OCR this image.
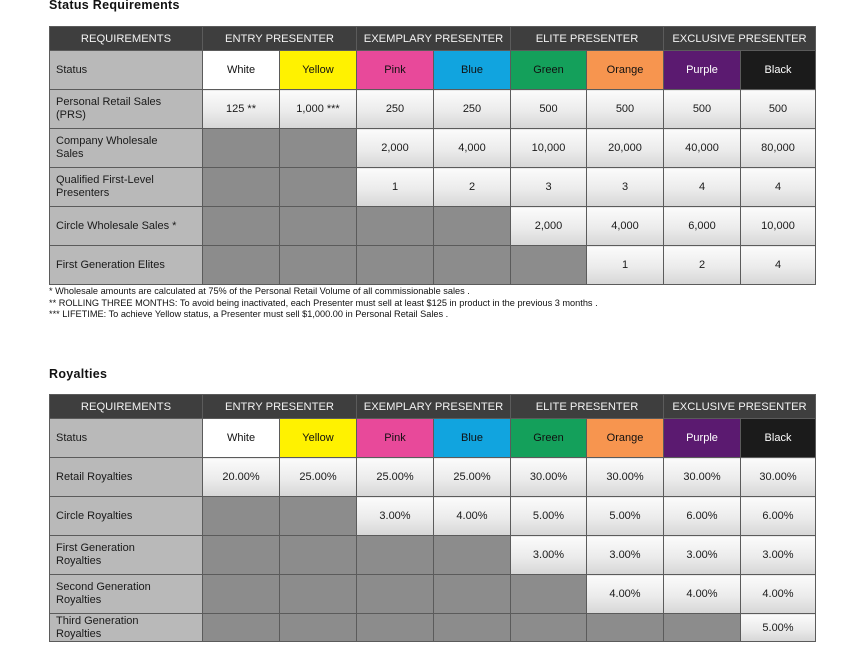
Status Requirements
REQUIREMENTS	ENTRY PRESENTER		EXEMPLARY PRESENTER		ELITE PRESENTER		EXCLUSIVE PRESENTER	
Status	White	Yellow	Pink	Blue	Green	Orange	Purple	Black
Personal Retail Sales (PRS)	125 **	1,000 ***	250	250	500	500	500	500
Company Wholesale Sales			2,000	4,000	10,000	20,000	40,000	80,000
Qualified First-Level Presenters			1	2	3	3	4	4
Circle Wholesale Sales *					2,000	4,000	6,000	10,000
First Generation Elites						1	2	4

* Wholesale amounts are calculated at 75% of the Personal Retail Volume of all commissionable sales .

** ROLLING THREE MONTHS: To avoid being inactivated, each Presenter must sell at least $125 in product in the previous 3 months .

*** LIFETIME: To achieve Yellow status, a Presenter must sell $1,000.00 in Personal Retail Sales .

Royalties
REQUIREMENTS	ENTRY PRESENTER		EXEMPLARY PRESENTER		ELITE PRESENTER		EXCLUSIVE PRESENTER	
Status	White	Yellow	Pink	Blue	Green	Orange	Purple	Black
Retail Royalties	20.00%	25.00%	25.00%	25.00%	30.00%	30.00%	30.00%	30.00%
Circle Royalties			3.00%	4.00%	5.00%	5.00%	6.00%	6.00%
First Generation Royalties					3.00%	3.00%	3.00%	3.00%
Second Generation Royalties						4.00%	4.00%	4.00%
Third Generation Royalties								5.00%
